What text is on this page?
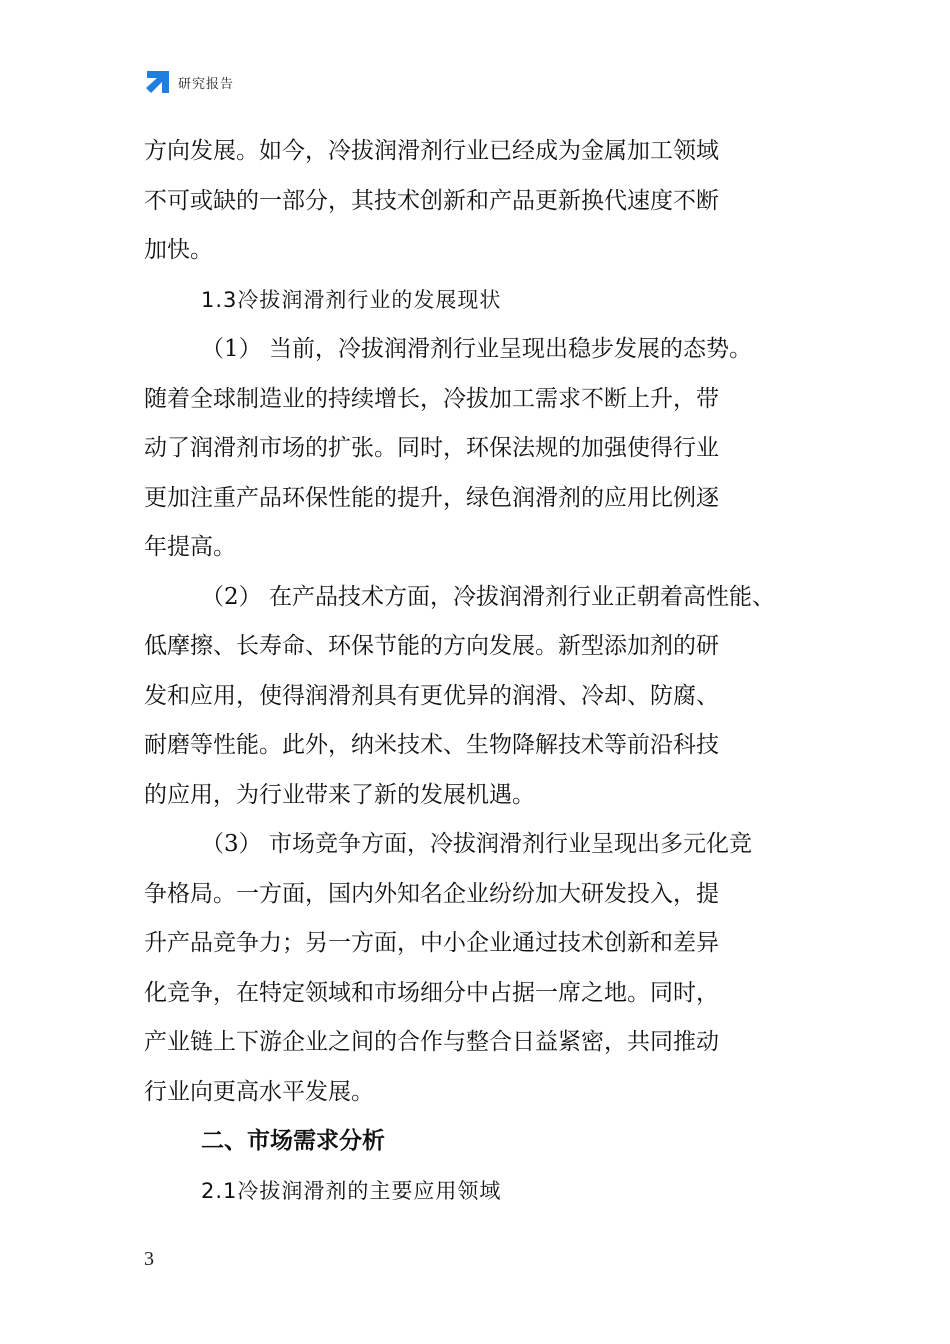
研究报告
方向发展。如今，冷拔润滑剂行业已经成为金属加工领域
不可或缺的一部分，其技术创新和产品更新换代速度不断
加快。
1.3冷拔润滑剂行业的发展现状
（1） 当前，冷拔润滑剂行业呈现出稳步发展的态势。
随着全球制造业的持续增长，冷拔加工需求不断上升，带
动了润滑剂市场的扩张。同时，环保法规的加强使得行业
更加注重产品环保性能的提升，绿色润滑剂的应用比例逐
年提高。
（2） 在产品技术方面，冷拔润滑剂行业正朝着高性能、
低摩擦、长寿命、环保节能的方向发展。新型添加剂的研
发和应用，使得润滑剂具有更优异的润滑、冷却、防腐、
耐磨等性能。此外，纳米技术、生物降解技术等前沿科技
的应用，为行业带来了新的发展机遇。
（3） 市场竞争方面，冷拔润滑剂行业呈现出多元化竞
争格局。一方面，国内外知名企业纷纷加大研发投入，提
升产品竞争力；另一方面，中小企业通过技术创新和差异
化竞争，在特定领域和市场细分中占据一席之地。同时，
产业链上下游企业之间的合作与整合日益紧密，共同推动
行业向更高水平发展。
二、市场需求分析
2.1冷拔润滑剂的主要应用领域
3
